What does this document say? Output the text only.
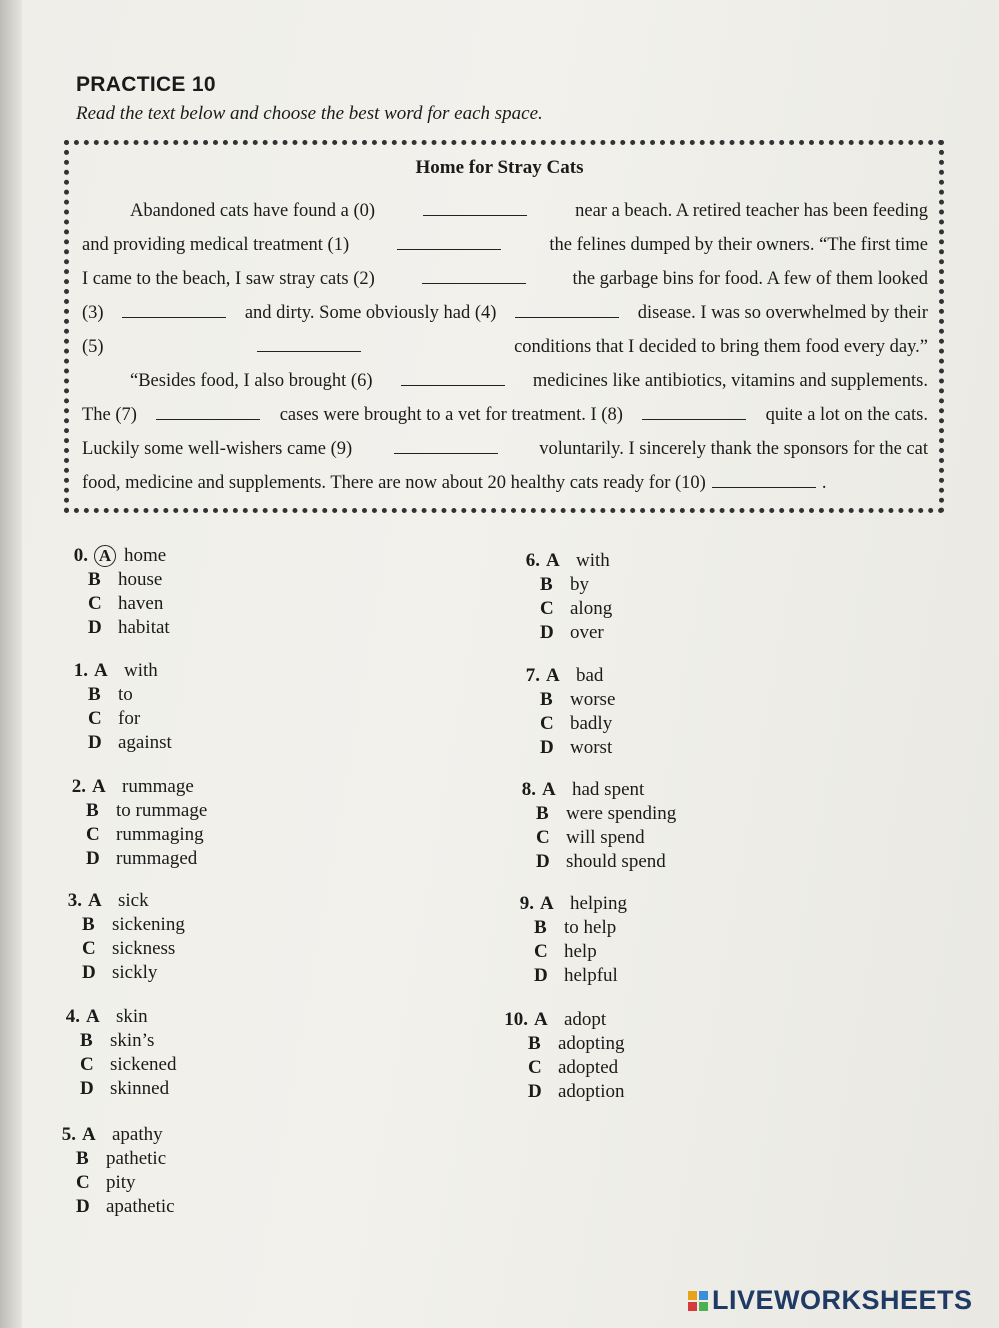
PRACTICE 10
Read the text below and choose the best word for each space.
Home for Stray Cats
Abandoned cats have found a (0)	near a beach. A retired teacher has been feeding
and providing medical treatment (1)	the felines dumped by their owners. “The first time
I came to the beach, I saw stray cats (2)	the garbage bins for food. A few of them looked
(3)	and dirty. Some obviously had (4)	disease. I was so overwhelmed by their
(5)	conditions that I decided to bring them food every day.”
“Besides food, I also brought (6)	medicines like antibiotics, vitamins and supplements.
The (7)	cases were brought to a vet for treatment. I (8)	quite a lot on the cats.
Luckily some well-wishers came (9)	voluntarily. I sincerely thank the sponsors for the cat
food, medicine and supplements. There are now about 20 healthy cats ready for (10)	.
0. A home
B house
C haven
D habitat
1. A with
B to
C for
D against
2. A rummage
B to rummage
C rummaging
D rummaged
3. A sick
B sickening
C sickness
D sickly
4. A skin
B skin’s
C sickened
D skinned
5. A apathy
B pathetic
C pity
D apathetic
6. A with
B by
C along
D over
7. A bad
B worse
C badly
D worst
8. A had spent
B were spending
C will spend
D should spend
9. A helping
B to help
C help
D helpful
10. A adopt
B adopting
C adopted
D adoption
LIVEWORKSHEETS
